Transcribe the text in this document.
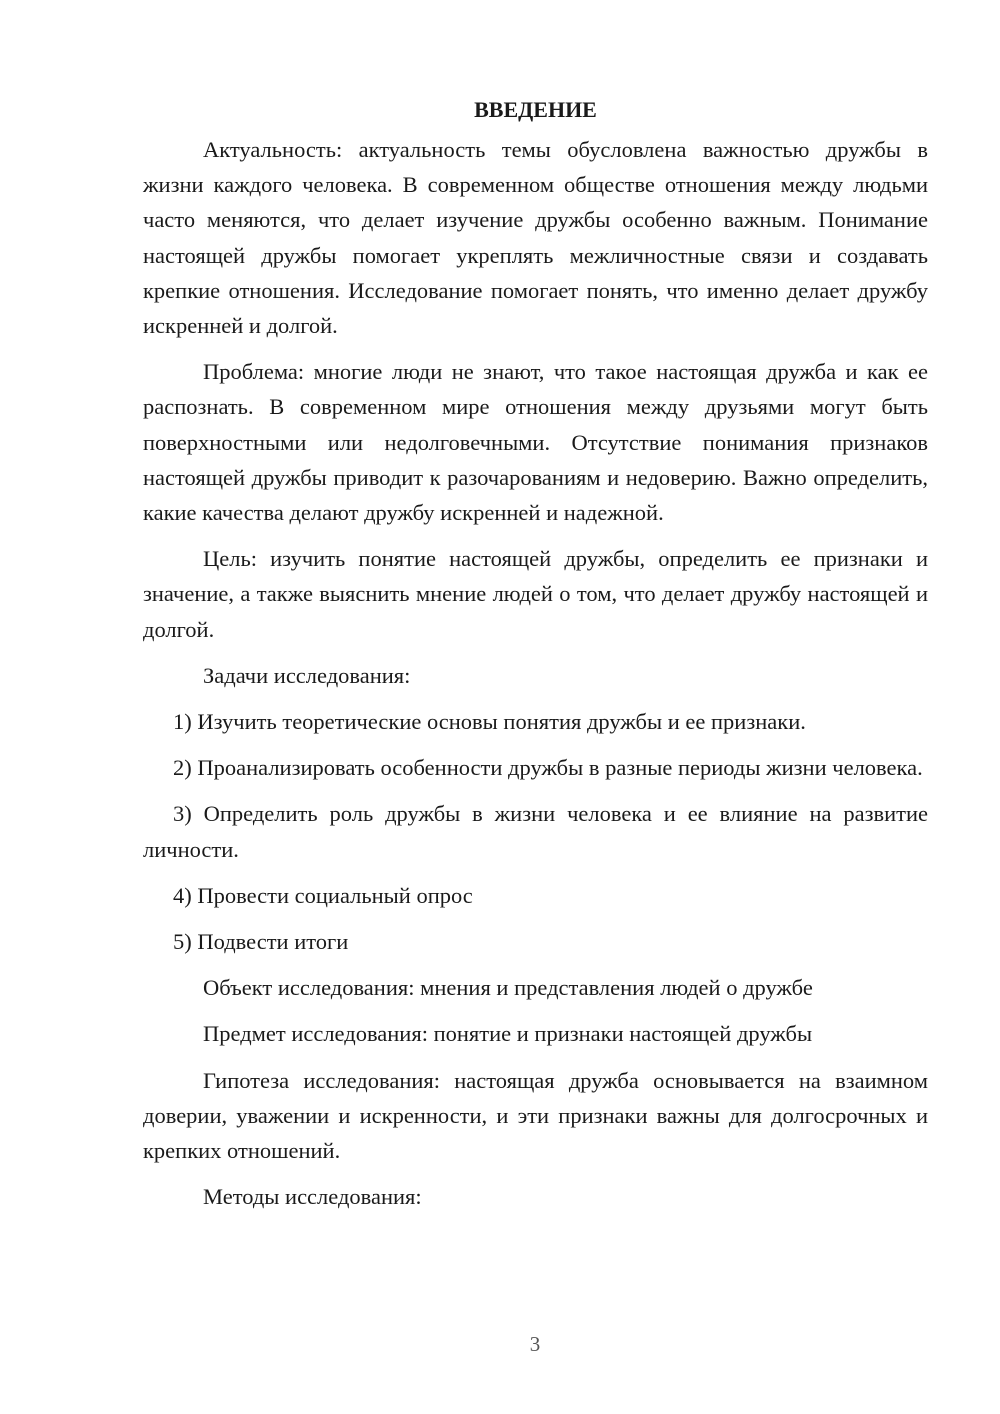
ВВЕДЕНИЕ

Актуальность: актуальность темы обусловлена важностью дружбы в жизни каждого человека. В современном обществе отношения между людьми часто меняются, что делает изучение дружбы особенно важным. Понимание настоящей дружбы помогает укреплять межличностные связи и создавать крепкие отношения. Исследование помогает понять, что именно делает дружбу искренней и долгой.

Проблема: многие люди не знают, что такое настоящая дружба и как ее распознать. В современном мире отношения между друзьями могут быть поверхностными или недолговечными. Отсутствие понимания признаков настоящей дружбы приводит к разочарованиям и недоверию. Важно определить, какие качества делают дружбу искренней и надежной.

Цель: изучить понятие настоящей дружбы, определить ее признаки и значение, а также выяснить мнение людей о том, что делает дружбу настоящей и долгой.

Задачи исследования:

1) Изучить теоретические основы понятия дружбы и ее признаки.

2) Проанализировать особенности дружбы в разные периоды жизни человека.

3) Определить роль дружбы в жизни человека и ее влияние на развитие личности.

4) Провести социальный опрос

5) Подвести итоги

Объект исследования: мнения и представления людей о дружбе

Предмет исследования: понятие и признаки настоящей дружбы

Гипотеза исследования: настоящая дружба основывается на взаимном доверии, уважении и искренности, и эти признаки важны для долгосрочных и крепких отношений.

Методы исследования:

3
